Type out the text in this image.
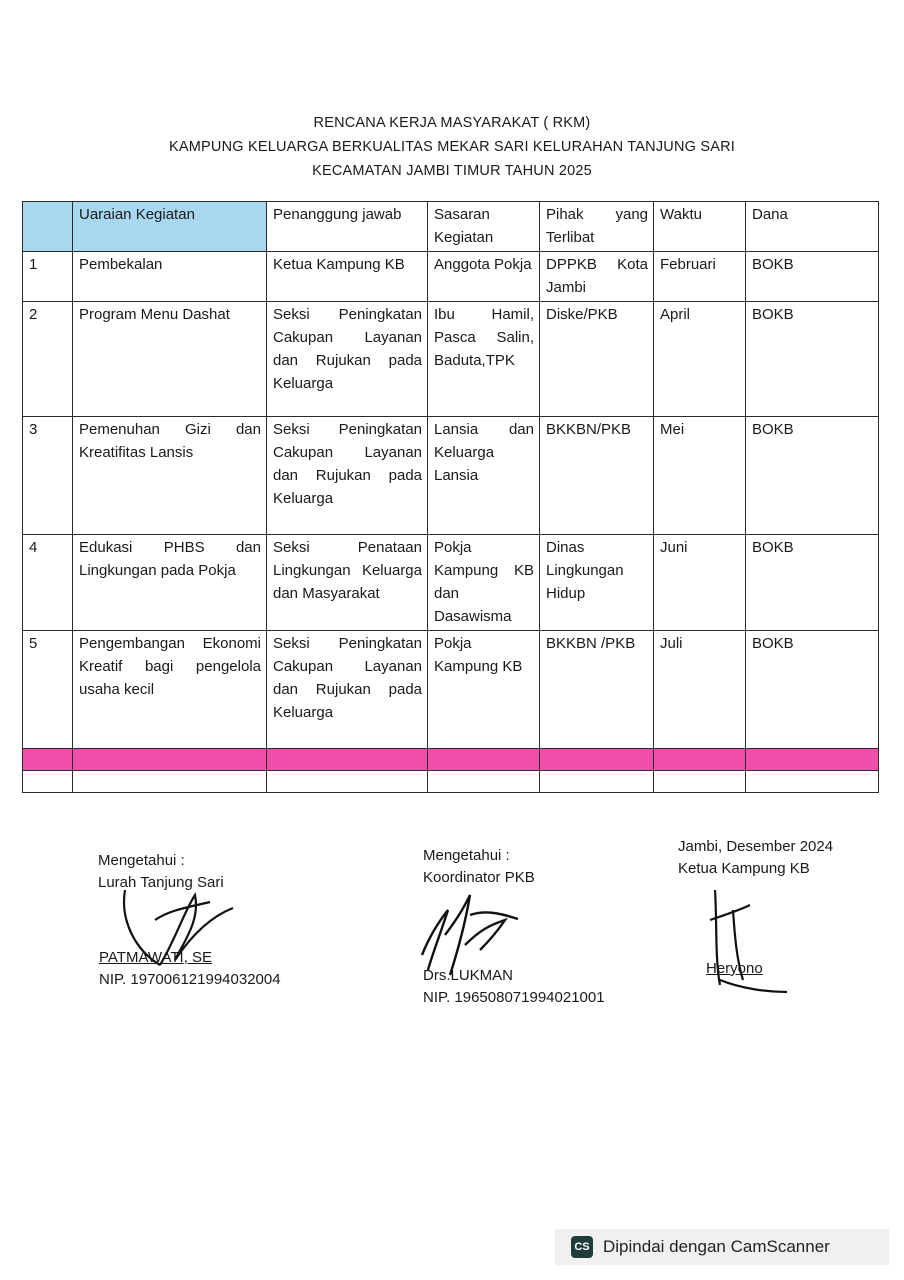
RENCANA KERJA MASYARAKAT ( RKM)
KAMPUNG KELUARGA BERKUALITAS MEKAR SARI KELURAHAN TANJUNG SARI
KECAMATAN JAMBI TIMUR TAHUN 2025
	Uaraian Kegiatan	Penanggung jawab	Sasaran Kegiatan	Pihak yang Terlibat	Waktu	Dana
1	Pembekalan	Ketua Kampung KB	Anggota Pokja	DPPKB Kota Jambi	Februari	BOKB
2	Program Menu Dashat	Seksi Peningkatan Cakupan Layanan dan Rujukan pada Keluarga	Ibu Hamil, Pasca Salin, Baduta,TPK	Diske/PKB	April	BOKB
3	Pemenuhan Gizi dan Kreatifitas Lansis	Seksi Peningkatan Cakupan Layanan dan Rujukan pada Keluarga	Lansia dan Keluarga Lansia	BKKBN/PKB	Mei	BOKB
4	Edukasi PHBS dan Lingkungan pada Pokja	Seksi Penataan Lingkungan Keluarga dan Masyarakat	Pokja Kampung KB dan Dasawisma	Dinas Lingkungan Hidup	Juni	BOKB
5	Pengembangan Ekonomi Kreatif bagi pengelola usaha kecil	Seksi Peningkatan Cakupan Layanan dan Rujukan pada Keluarga	Pokja Kampung KB	BKKBN /PKB	Juli	BOKB

Mengetahui :
Lurah Tanjung Sari
PATMAWATI, SE
NIP. 197006121994032004
Mengetahui :
Koordinator PKB
Drs.LUKMAN
NIP. 196508071994021001
Jambi, Desember 2024
Ketua Kampung KB
Heryono
CS Dipindai dengan CamScanner
